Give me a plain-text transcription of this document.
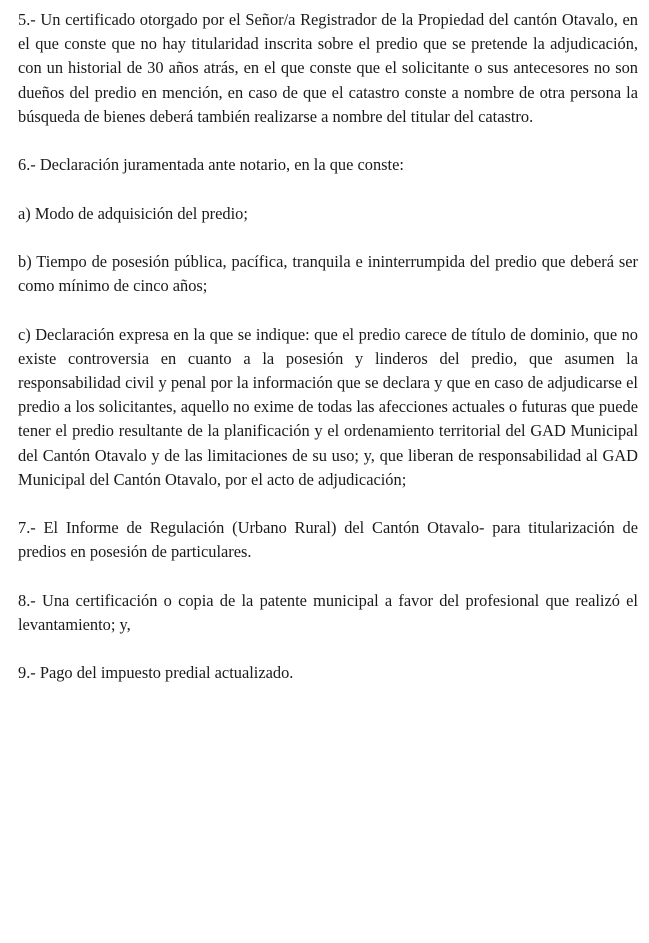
5.- Un certificado otorgado por el Señor/a Registrador de la Propiedad del cantón Otavalo, en el que conste que no hay titularidad inscrita sobre el predio que se pretende la adjudicación, con un historial de 30 años atrás, en el que conste que el solicitante o sus antecesores no son dueños del predio en mención, en caso de que el catastro conste a nombre de otra persona la búsqueda de bienes deberá también realizarse a nombre del titular del catastro.

6.- Declaración juramentada ante notario, en la que conste:

a) Modo de adquisición del predio;

b) Tiempo de posesión pública, pacífica, tranquila e ininterrumpida del predio que deberá ser como mínimo de cinco años;

c) Declaración expresa en la que se indique: que el predio carece de título de dominio, que no existe controversia en cuanto a la posesión y linderos del predio, que asumen la responsabilidad civil y penal por la información que se declara y que en caso de adjudicarse el predio a los solicitantes, aquello no exime de todas las afecciones actuales o futuras que puede tener el predio resultante de la planificación y el ordenamiento territorial del GAD Municipal del Cantón Otavalo y de las limitaciones de su uso; y, que liberan de responsabilidad al GAD Municipal del Cantón Otavalo, por el acto de adjudicación;

7.- El Informe de Regulación (Urbano Rural) del Cantón Otavalo- para titularización de predios en posesión de particulares.

8.- Una certificación o copia de la patente municipal a favor del profesional que realizó el levantamiento; y,

9.- Pago del impuesto predial actualizado.
